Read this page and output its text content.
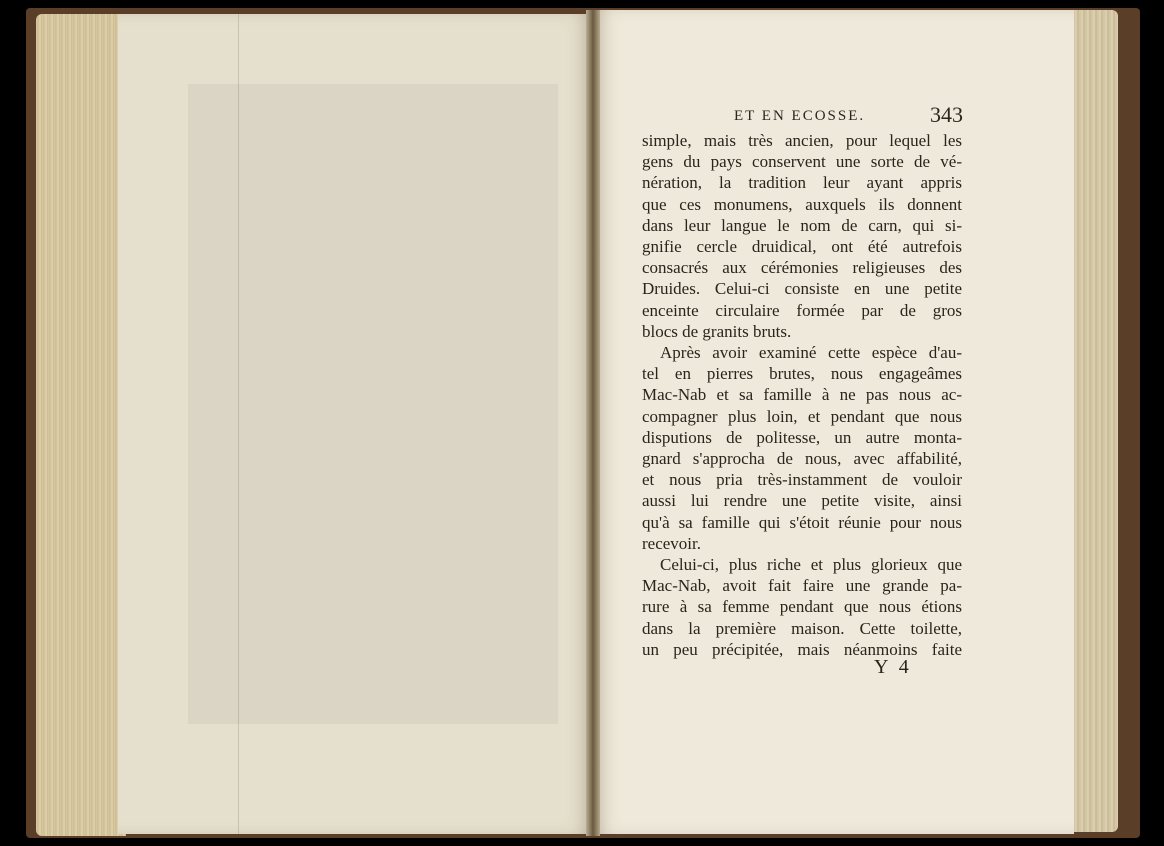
ET EN ECOSSE.	343
simple, mais très ancien, pour lequel les
gens du pays conservent une sorte de vé-
nération, la tradition leur ayant appris
que ces monumens, auxquels ils donnent
dans leur langue le nom de carn, qui si-
gnifie cercle druidical, ont été autrefois
consacrés aux cérémonies religieuses des
Druides. Celui-ci consiste en une petite
enceinte circulaire formée par de gros
blocs de granits bruts.
Après avoir examiné cette espèce d'au-
tel en pierres brutes, nous engageâmes
Mac-Nab et sa famille à ne pas nous ac-
compagner plus loin, et pendant que nous
disputions de politesse, un autre monta-
gnard s'approcha de nous, avec affabilité,
et nous pria très-instamment de vouloir
aussi lui rendre une petite visite, ainsi
qu'à sa famille qui s'étoit réunie pour nous
recevoir.
Celui-ci, plus riche et plus glorieux que
Mac-Nab, avoit fait faire une grande pa-
rure à sa femme pendant que nous étions
dans la première maison. Cette toilette,
un peu précipitée, mais néanmoins faite
Y 4
